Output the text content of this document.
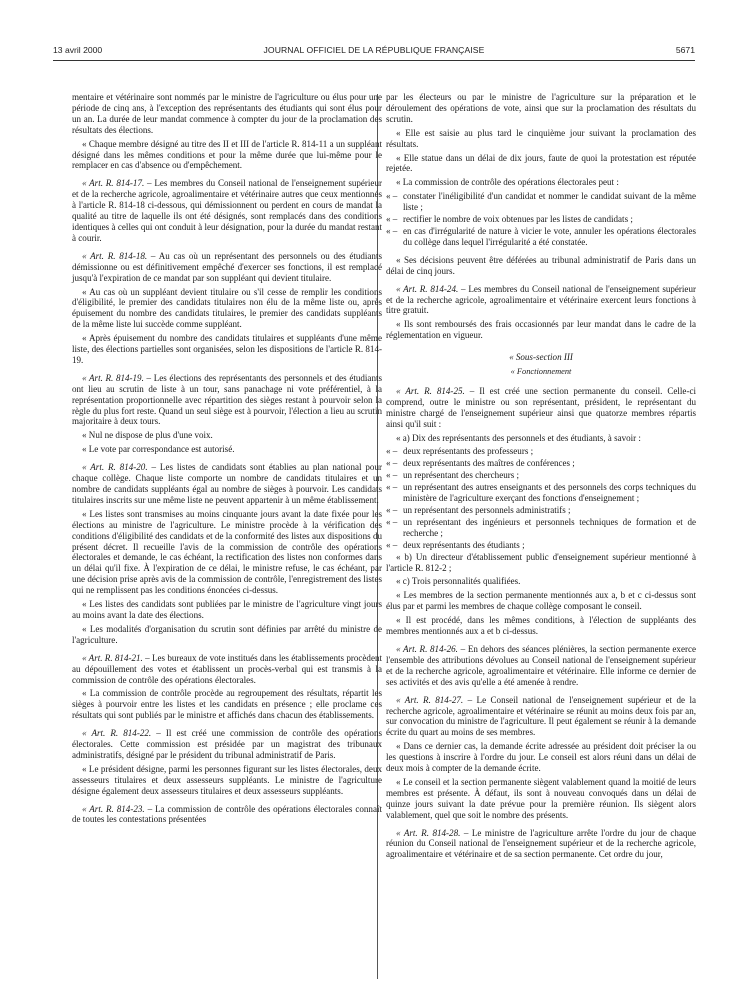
13 avril 2000	JOURNAL OFFICIEL DE LA RÉPUBLIQUE FRANÇAISE	5671

mentaire et vétérinaire sont nommés par le ministre de l'agriculture ou élus pour une période de cinq ans, à l'exception des représentants des étudiants qui sont élus pour un an. La durée de leur mandat commence à compter du jour de la proclamation des résultats des élections.

« Chaque membre désigné au titre des II et III de l'article R. 814-11 a un suppléant désigné dans les mêmes conditions et pour la même durée que lui-même pour le remplacer en cas d'absence ou d'empêchement.

« Art. R. 814-17. – Les membres du Conseil national de l'enseignement supérieur et de la recherche agricole, agroalimentaire et vétérinaire autres que ceux mentionnés à l'article R. 814-18 ci-dessous, qui démissionnent ou perdent en cours de mandat la qualité au titre de laquelle ils ont été désignés, sont remplacés dans des conditions identiques à celles qui ont conduit à leur désignation, pour la durée du mandat restant à courir.

« Art. R. 814-18. – Au cas où un représentant des personnels ou des étudiants démissionne ou est définitivement empêché d'exercer ses fonctions, il est remplacé jusqu'à l'expiration de ce mandat par son suppléant qui devient titulaire.

« Au cas où un suppléant devient titulaire ou s'il cesse de remplir les conditions d'éligibilité, le premier des candidats titulaires non élu de la même liste ou, après épuisement du nombre des candidats titulaires, le premier des candidats suppléants de la même liste lui succède comme suppléant.

« Après épuisement du nombre des candidats titulaires et suppléants d'une même liste, des élections partielles sont organisées, selon les dispositions de l'article R. 814-19.

« Art. R. 814-19. – Les élections des représentants des personnels et des étudiants ont lieu au scrutin de liste à un tour, sans panachage ni vote préférentiel, à la représentation proportionnelle avec répartition des sièges restant à pourvoir selon la règle du plus fort reste. Quand un seul siège est à pourvoir, l'élection a lieu au scrutin majoritaire à deux tours.

« Nul ne dispose de plus d'une voix.

« Le vote par correspondance est autorisé.

« Art. R. 814-20. – Les listes de candidats sont établies au plan national pour chaque collège. Chaque liste comporte un nombre de candidats titulaires et un nombre de candidats suppléants égal au nombre de sièges à pourvoir. Les candidats titulaires inscrits sur une même liste ne peuvent appartenir à un même établissement.

« Les listes sont transmises au moins cinquante jours avant la date fixée pour les élections au ministre de l'agriculture. Le ministre procède à la vérification des conditions d'éligibilité des candidats et de la conformité des listes aux dispositions du présent décret. Il recueille l'avis de la commission de contrôle des opérations électorales et demande, le cas échéant, la rectification des listes non conformes dans un délai qu'il fixe. À l'expiration de ce délai, le ministre refuse, le cas échéant, par une décision prise après avis de la commission de contrôle, l'enregistrement des listes qui ne remplissent pas les conditions énoncées ci-dessus.

« Les listes des candidats sont publiées par le ministre de l'agriculture vingt jours au moins avant la date des élections.

« Les modalités d'organisation du scrutin sont définies par arrêté du ministre de l'agriculture.

« Art. R. 814-21. – Les bureaux de vote institués dans les établissements procèdent au dépouillement des votes et établissent un procès-verbal qui est transmis à la commission de contrôle des opérations électorales.

« La commission de contrôle procède au regroupement des résultats, répartit les sièges à pourvoir entre les listes et les candidats en présence ; elle proclame ces résultats qui sont publiés par le ministre et affichés dans chacun des établissements.

« Art. R. 814-22. – Il est créé une commission de contrôle des opérations électorales. Cette commission est présidée par un magistrat des tribunaux administratifs, désigné par le président du tribunal administratif de Paris.

« Le président désigne, parmi les personnes figurant sur les listes électorales, deux assesseurs titulaires et deux assesseurs suppléants. Le ministre de l'agriculture désigne également deux assesseurs titulaires et deux assesseurs suppléants.

« Art. R. 814-23. – La commission de contrôle des opérations électorales connaît de toutes les contestations présentées

par les électeurs ou par le ministre de l'agriculture sur la préparation et le déroulement des opérations de vote, ainsi que sur la proclamation des résultats du scrutin.

« Elle est saisie au plus tard le cinquième jour suivant la proclamation des résultats.

« Elle statue dans un délai de dix jours, faute de quoi la protestation est réputée rejetée.

« La commission de contrôle des opérations électorales peut :

« – constater l'inéligibilité d'un candidat et nommer le candidat suivant de la même liste ;

« – rectifier le nombre de voix obtenues par les listes de candidats ;

« – en cas d'irrégularité de nature à vicier le vote, annuler les opérations électorales du collège dans lequel l'irrégularité a été constatée.

« Ses décisions peuvent être déférées au tribunal administratif de Paris dans un délai de cinq jours.

« Art. R. 814-24. – Les membres du Conseil national de l'enseignement supérieur et de la recherche agricole, agroalimentaire et vétérinaire exercent leurs fonctions à titre gratuit.

« Ils sont remboursés des frais occasionnés par leur mandat dans le cadre de la réglementation en vigueur.

« Sous-section III

« Fonctionnement

« Art. R. 814-25. – Il est créé une section permanente du conseil. Celle-ci comprend, outre le ministre ou son représentant, président, le représentant du ministre chargé de l'enseignement supérieur ainsi que quatorze membres répartis ainsi qu'il suit :

« a) Dix des représentants des personnels et des étudiants, à savoir :

« – deux représentants des professeurs ;

« – deux représentants des maîtres de conférences ;

« – un représentant des chercheurs ;

« – un représentant des autres enseignants et des personnels des corps techniques du ministère de l'agriculture exerçant des fonctions d'enseignement ;

« – un représentant des personnels administratifs ;

« – un représentant des ingénieurs et personnels techniques de formation et de recherche ;

« – deux représentants des étudiants ;

« b) Un directeur d'établissement public d'enseignement supérieur mentionné à l'article R. 812-2 ;

« c) Trois personnalités qualifiées.

« Les membres de la section permanente mentionnés aux a, b et c ci-dessus sont élus par et parmi les membres de chaque collège composant le conseil.

« Il est procédé, dans les mêmes conditions, à l'élection de suppléants des membres mentionnés aux a et b ci-dessus.

« Art. R. 814-26. – En dehors des séances plénières, la section permanente exerce l'ensemble des attributions dévolues au Conseil national de l'enseignement supérieur et de la recherche agricole, agroalimentaire et vétérinaire. Elle informe ce dernier de ses activités et des avis qu'elle a été amenée à rendre.

« Art. R. 814-27. – Le Conseil national de l'enseignement supérieur et de la recherche agricole, agroalimentaire et vétérinaire se réunit au moins deux fois par an, sur convocation du ministre de l'agriculture. Il peut également se réunir à la demande écrite du quart au moins de ses membres.

« Dans ce dernier cas, la demande écrite adressée au président doit préciser la ou les questions à inscrire à l'ordre du jour. Le conseil est alors réuni dans un délai de deux mois à compter de la demande écrite.

« Le conseil et la section permanente siègent valablement quand la moitié de leurs membres est présente. À défaut, ils sont à nouveau convoqués dans un délai de quinze jours suivant la date prévue pour la première réunion. Ils siègent alors valablement, quel que soit le nombre des présents.

« Art. R. 814-28. – Le ministre de l'agriculture arrête l'ordre du jour de chaque réunion du Conseil national de l'enseignement supérieur et de la recherche agricole, agroalimentaire et vétérinaire et de sa section permanente. Cet ordre du jour,
